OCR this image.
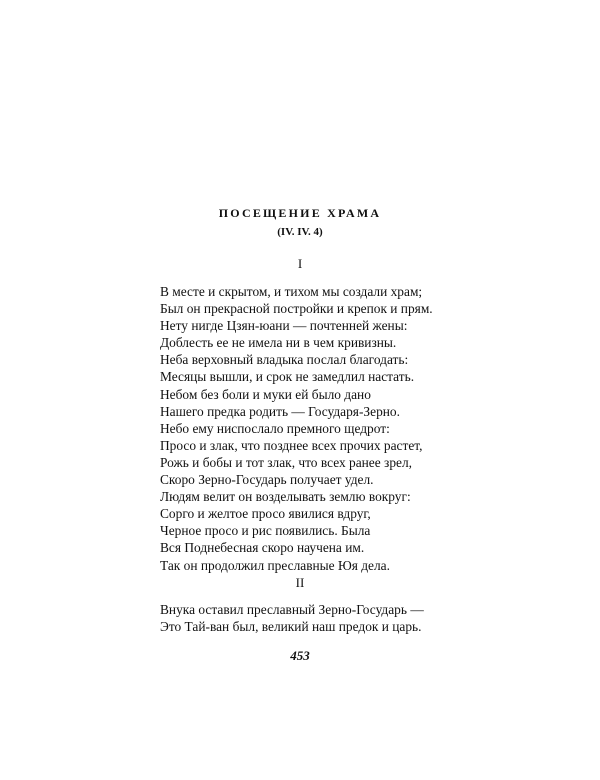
ПОСЕЩЕНИЕ ХРАМА
(IV. IV. 4)
I
В месте и скрытом, и тихом мы создали храм;
Был он прекрасной постройки и крепок и прям.
Нету нигде Цзян-юани — почтенней жены:
Доблесть ее не имела ни в чем кривизны.
Неба верховный владыка послал благодать:
Месяцы вышли, и срок не замедлил настать.
Небом без боли и муки ей было дано
Нашего предка родить — Государя-Зерно.
Небо ему ниспослало премного щедрот:
Просо и злак, что позднее всех прочих растет,
Рожь и бобы и тот злак, что всех ранее зрел,
Скоро Зерно-Государь получает удел.
Людям велит он возделывать землю вокруг:
Сорго и желтое просо явилися вдруг,
Черное просо и рис появились. Была
Вся Поднебесная скоро научена им.
Так он продолжил преславные Юя дела.
II
Внука оставил преславный Зерно-Государь —
Это Тай-ван был, великий наш предок и царь.
453
